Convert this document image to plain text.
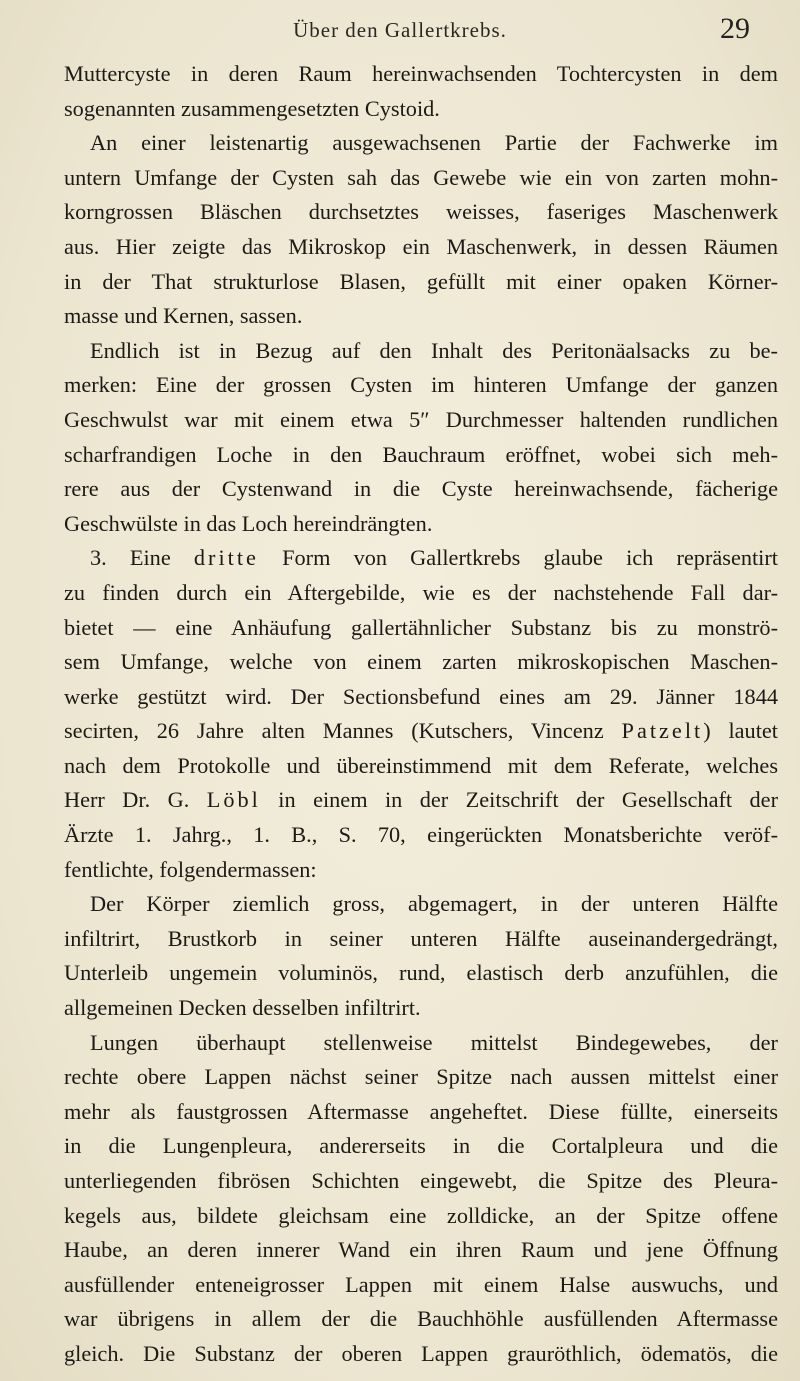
Über den Gallertkrebs.	29
Muttercyste in deren Raum hereinwachsenden Tochtercysten in dem
sogenannten zusammengesetzten Cystoid.
An einer leistenartig ausgewachsenen Partie der Fachwerke im
untern Umfange der Cysten sah das Gewebe wie ein von zarten mohn-
korngrossen Bläschen durchsetztes weisses, faseriges Maschenwerk
aus. Hier zeigte das Mikroskop ein Maschenwerk, in dessen Räumen
in der That strukturlose Blasen, gefüllt mit einer opaken Körner-
masse und Kernen, sassen.
Endlich ist in Bezug auf den Inhalt des Peritonäalsacks zu be-
merken: Eine der grossen Cysten im hinteren Umfange der ganzen
Geschwulst war mit einem etwa 5″ Durchmesser haltenden rundlichen
scharfrandigen Loche in den Bauchraum eröffnet, wobei sich meh-
rere aus der Cystenwand in die Cyste hereinwachsende, fächerige
Geschwülste in das Loch hereindrängten.
3. Eine dritte Form von Gallertkrebs glaube ich repräsentirt
zu finden durch ein Aftergebilde, wie es der nachstehende Fall dar-
bietet — eine Anhäufung gallertähnlicher Substanz bis zu monströ-
sem Umfange, welche von einem zarten mikroskopischen Maschen-
werke gestützt wird. Der Sectionsbefund eines am 29. Jänner 1844
secirten, 26 Jahre alten Mannes (Kutschers, Vincenz Patzelt) lautet
nach dem Protokolle und übereinstimmend mit dem Referate, welches
Herr Dr. G. Löbl in einem in der Zeitschrift der Gesellschaft der
Ärzte 1. Jahrg., 1. B., S. 70, eingerückten Monatsberichte veröf-
fentlichte, folgendermassen:
Der Körper ziemlich gross, abgemagert, in der unteren Hälfte
infiltrirt, Brustkorb in seiner unteren Hälfte auseinandergedrängt,
Unterleib ungemein voluminös, rund, elastisch derb anzufühlen, die
allgemeinen Decken desselben infiltrirt.
Lungen überhaupt stellenweise mittelst Bindegewebes, der
rechte obere Lappen nächst seiner Spitze nach aussen mittelst einer
mehr als faustgrossen Aftermasse angeheftet. Diese füllte, einerseits
in die Lungenpleura, andererseits in die Cortalpleura und die
unterliegenden fibrösen Schichten eingewebt, die Spitze des Pleura-
kegels aus, bildete gleichsam eine zolldicke, an der Spitze offene
Haube, an deren innerer Wand ein ihren Raum und jene Öffnung
ausfüllender enteneigrosser Lappen mit einem Halse auswuchs, und
war übrigens in allem der die Bauchhöhle ausfüllenden Aftermasse
gleich. Die Substanz der oberen Lappen grauröthlich, ödematös, die
